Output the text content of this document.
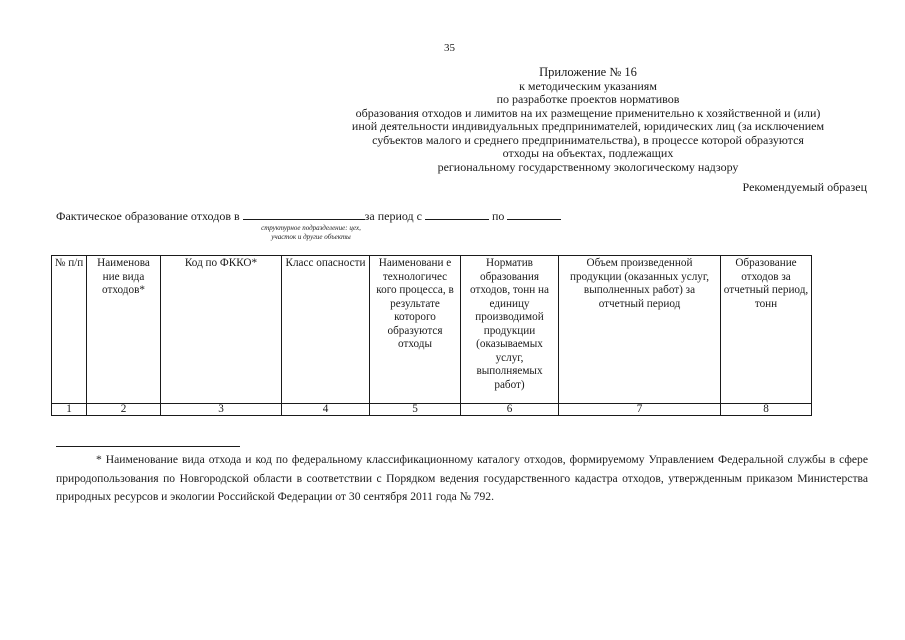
35
Приложение № 16
к методическим указаниям
по разработке проектов нормативов
образования отходов и лимитов на их размещение применительно к хозяйственной и (или)
иной деятельности индивидуальных предпринимателей, юридических лиц (за исключением
субъектов малого и среднего предпринимательства), в процессе которой образуются
отходы на объектах, подлежащих
региональному государственному экологическому надзору
Рекомендуемый образец
Фактическое образование отходов в	за период с	по
структурное подразделение: цех,
участок и другие объекты
№ п/п	Наименова ние вида отходов*	Код по ФККО*	Класс опасности	Наименовани е технологичес кого процесса, в результате которого образуются отходы	Норматив образования отходов, тонн на единицу производимой продукции (оказываемых услуг, выполняемых работ)	Объем произведенной продукции (оказанных услуг, выполненных работ) за отчетный период	Образование отходов за отчетный период, тонн
1	2	3	4	5	6	7	8
* Наименование вида отхода и код по федеральному классификационному каталогу отходов, формируемому Управлением Федеральной службы в сфере природопользования по Новгородской области в соответствии с Порядком ведения государственного кадастра отходов, утвержденным приказом Министерства природных ресурсов и экологии Российской Федерации от 30 сентября 2011 года № 792.
